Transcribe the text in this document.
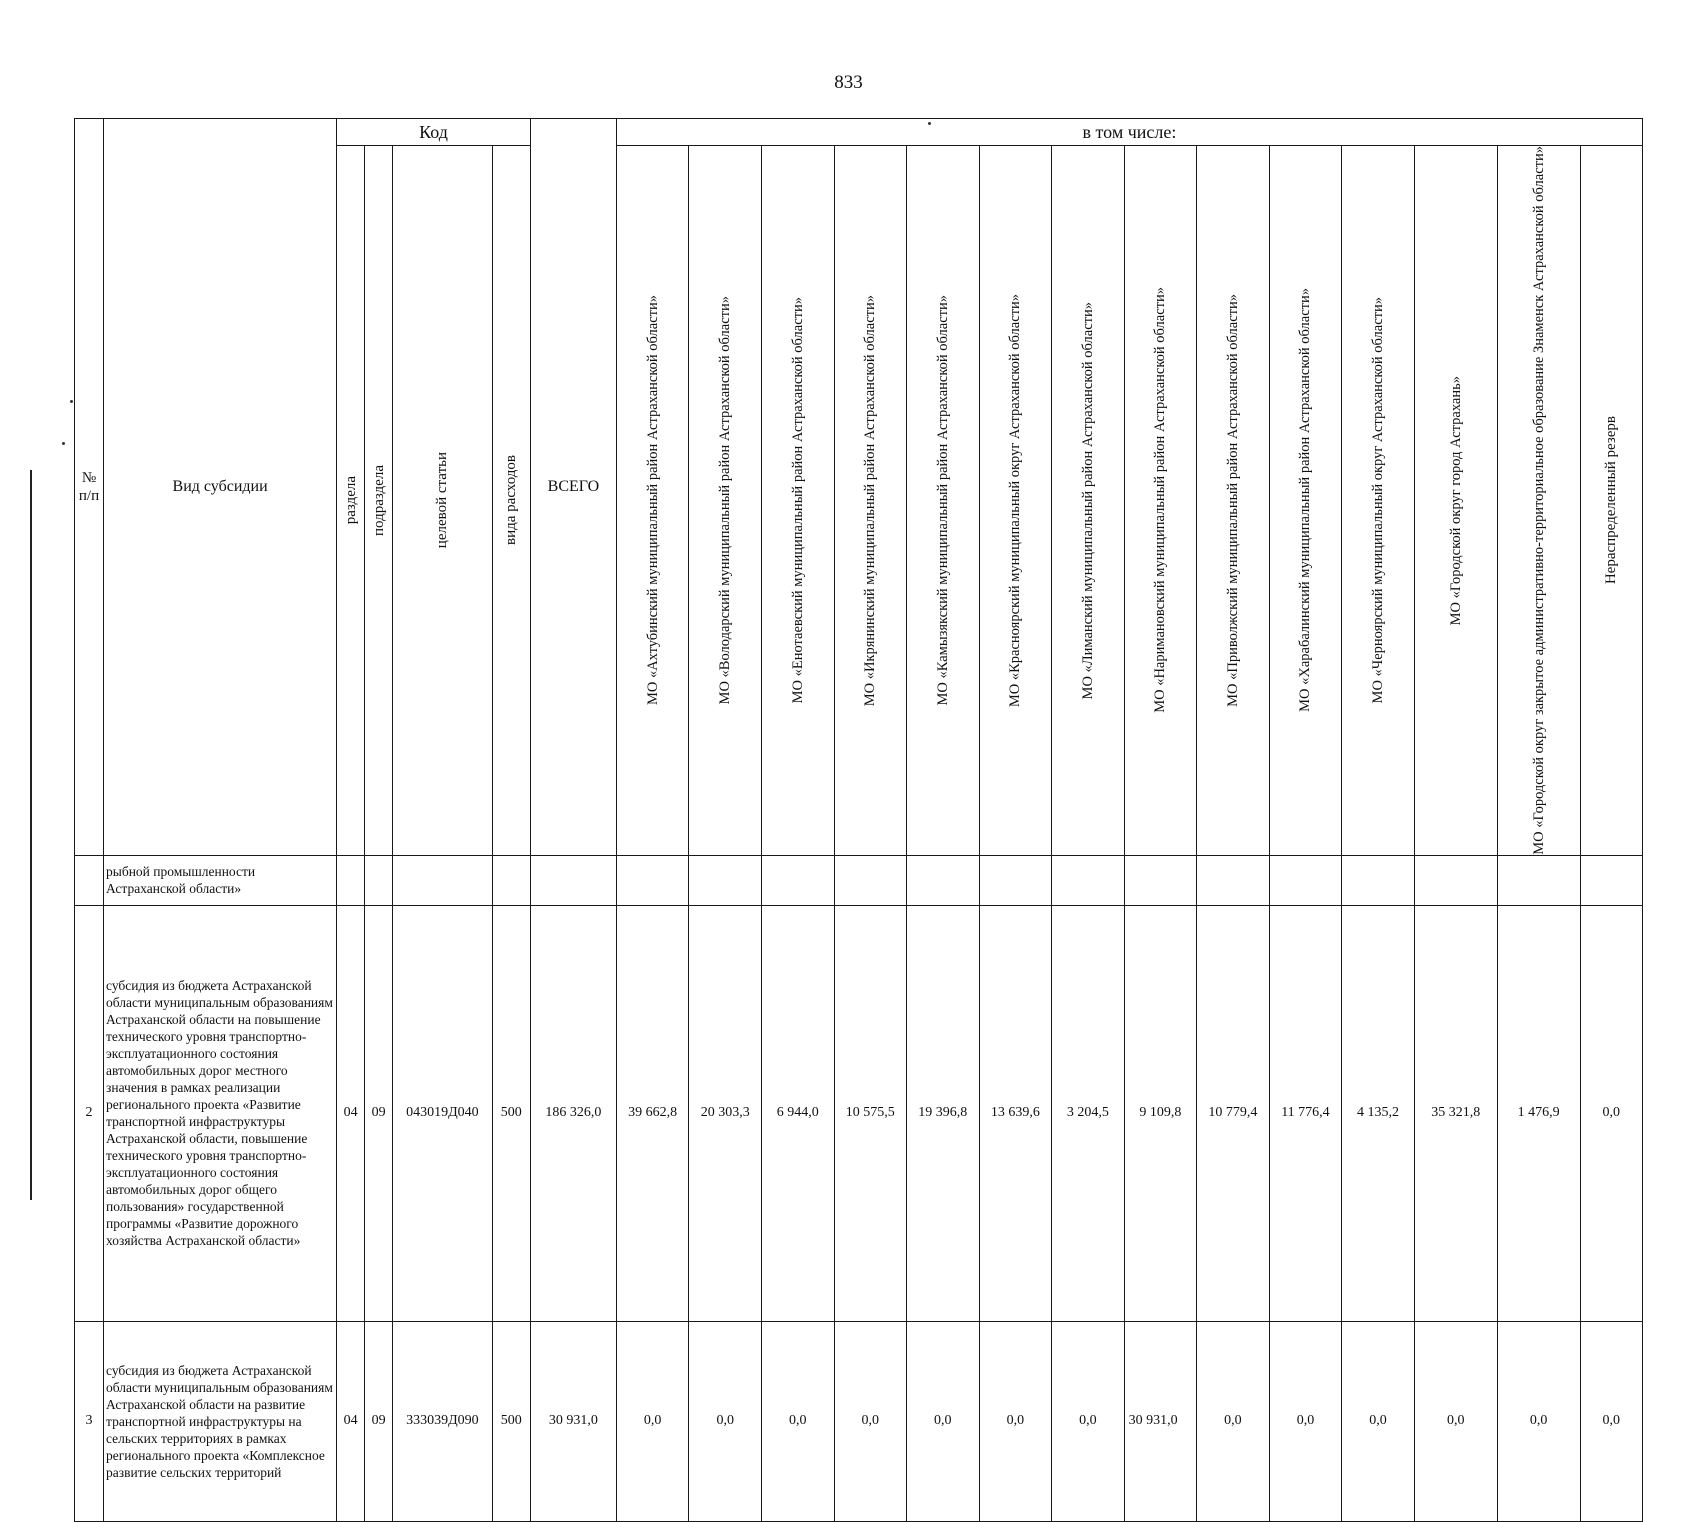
833
№ п/п	Вид субсидии	Код				ВСЕГО	в том числе:													

		раздела	подраздела	целевой статьи	вида расходов		МО «Ахтубинский муниципальный район Астраханской области»	МО «Володарский муниципальный район Астраханской области»	МО «Енотаевский муниципальный район Астраханской области»	МО «Икрянинский муниципальный район Астраханской области»	МО «Камызякский муниципальный район Астраханской области»	МО «Красноярский муниципальный округ Астраханской области»	МО «Лиманский муниципальный район Астраханской области»	МО «Наримановский муниципальный район Астраханской области»	МО «Приволжский муниципальный район Астраханской области»	МО «Харабалинский муниципальный район Астраханской области»	МО «Черноярский муниципальный округ Астраханской области»	МО «Городской округ город Астрахань»	МО «Городской округ закрытое административно-территориальное образование Знаменск Астраханской области»	Нераспределенный резерв

	рыбной промышленности Астраханской области»																			
2	субсидия из бюджета Астраханской области муниципальным образованиям Астраханской области на повышение технического уровня транспортно-эксплуатационного состояния автомобильных дорог местного значения в рамках реализации регионального проекта «Развитие транспортной инфраструктуры Астраханской области, повышение технического уровня транспортно-эксплуатационного состояния автомобильных дорог общего пользования» государственной программы «Развитие дорожного хозяйства Астраханской области»	04	09	043019Д040	500	186 326,0	39 662,8	20 303,3	6 944,0	10 575,5	19 396,8	13 639,6	3 204,5	9 109,8	10 779,4	11 776,4	4 135,2	35 321,8	1 476,9	0,0
3	субсидия из бюджета Астраханской области муниципальным образованиям Астраханской области на развитие транспортной инфраструктуры на сельских территориях в рамках регионального проекта «Комплексное развитие сельских территорий	04	09	333039Д090	500	30 931,0	0,0	0,0	0,0	0,0	0,0	0,0	0,0	30 931,0	0,0	0,0	0,0	0,0	0,0	0,0
